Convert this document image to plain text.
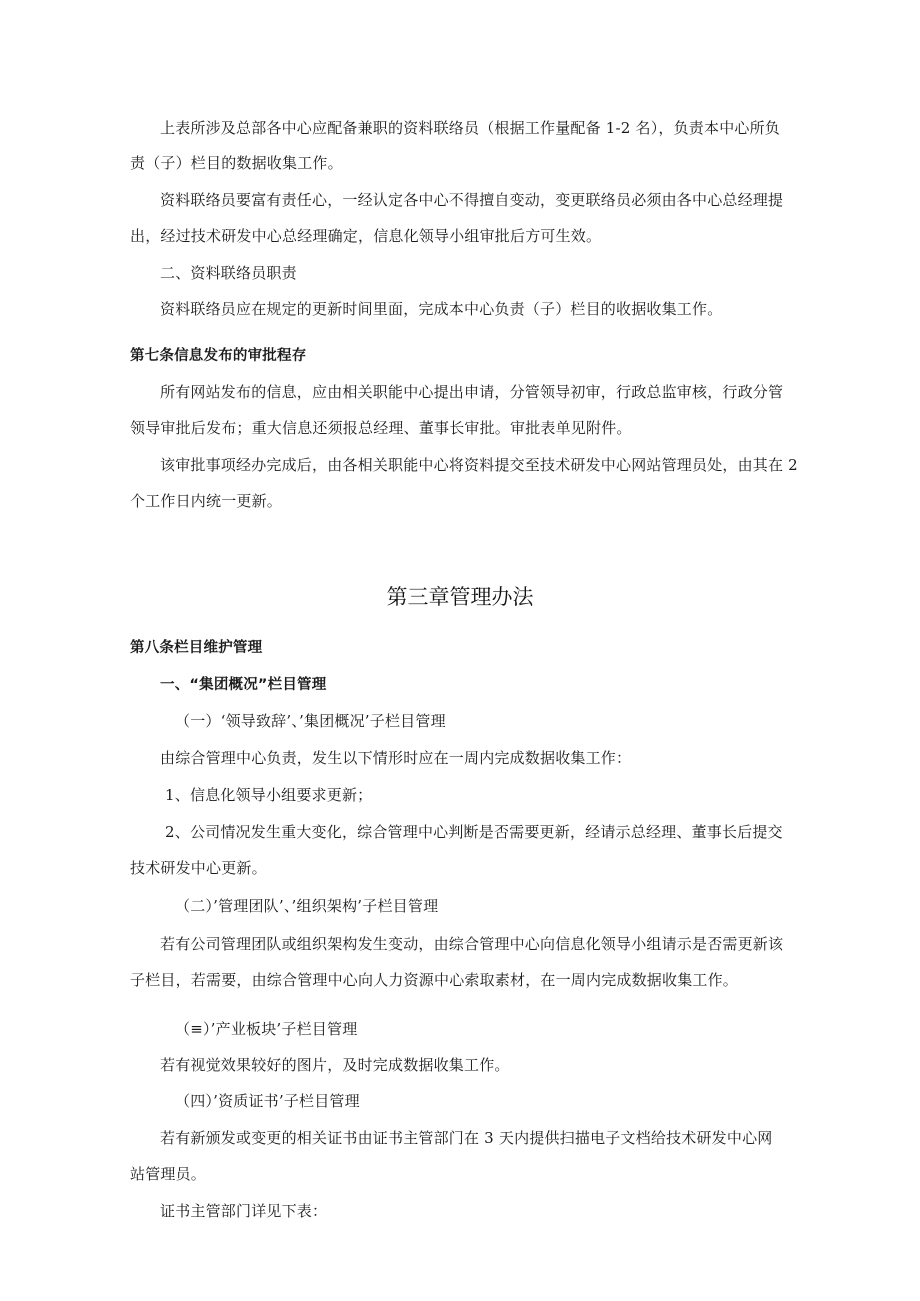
上表所涉及总部各中心应配备兼职的资料联络员（根据工作量配备 1-2 名），负责本中心所负
责（子）栏目的数据收集工作。
资料联络员要富有责任心，一经认定各中心不得擅自变动，变更联络员必须由各中心总经理提
出，经过技术研发中心总经理确定，信息化领导小组审批后方可生效。
二、资料联络员职责
资料联络员应在规定的更新时间里面，完成本中心负责（子）栏目的收据收集工作。
第七条信息发布的审批程存
所有网站发布的信息，应由相关职能中心提出申请，分管领导初审，行政总监审核，行政分管
领导审批后发布；重大信息还须报总经理、董事长审批。审批表单见附件。
该审批事项经办完成后，由各相关职能中心将资料提交至技术研发中心网站管理员处，由其在 2
个工作日内统一更新。
第三章管理办法
第八条栏目维护管理
一、“集团概况”栏目管理
（一）‘领导致辞’、’集团概况’子栏目管理
由综合管理中心负责，发生以下情形时应在一周内完成数据收集工作：
1、信息化领导小组要求更新；
2、公司情况发生重大变化，综合管理中心判断是否需要更新，经请示总经理、董事长后提交
技术研发中心更新。
（二）’管理团队’、’组织架构’子栏目管理
若有公司管理团队或组织架构发生变动，由综合管理中心向信息化领导小组请示是否需更新该
子栏目，若需要，由综合管理中心向人力资源中心索取素材，在一周内完成数据收集工作。
（≡）’产业板块’子栏目管理
若有视觉效果较好的图片，及时完成数据收集工作。
（四）’资质证书’子栏目管理
若有新颁发或变更的相关证书由证书主管部门在 3 天内提供扫描电子文档给技术研发中心网
站管理员。
证书主管部门详见下表：
